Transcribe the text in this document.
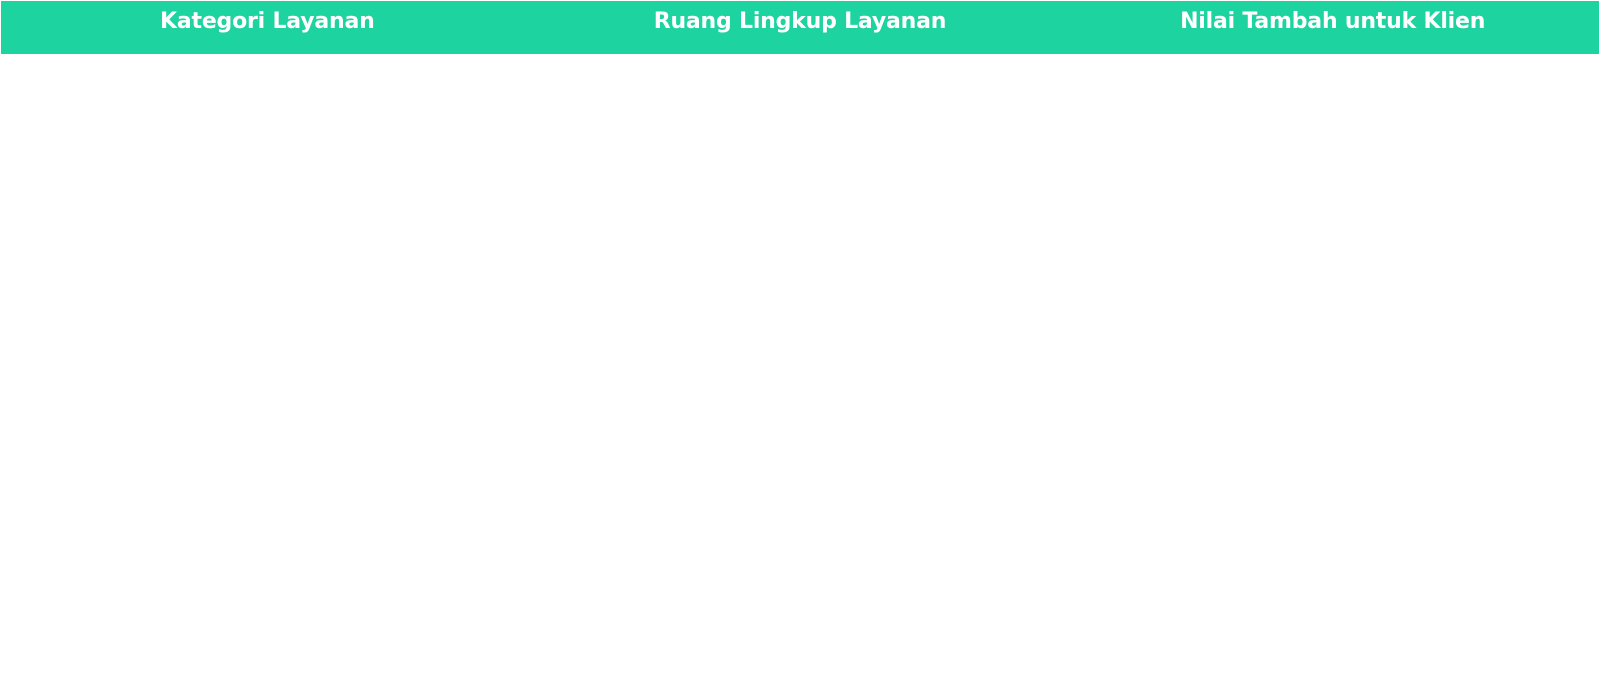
Kategori Layanan	Ruang Lingkup Layanan	Nilai Tambah untuk Klien
